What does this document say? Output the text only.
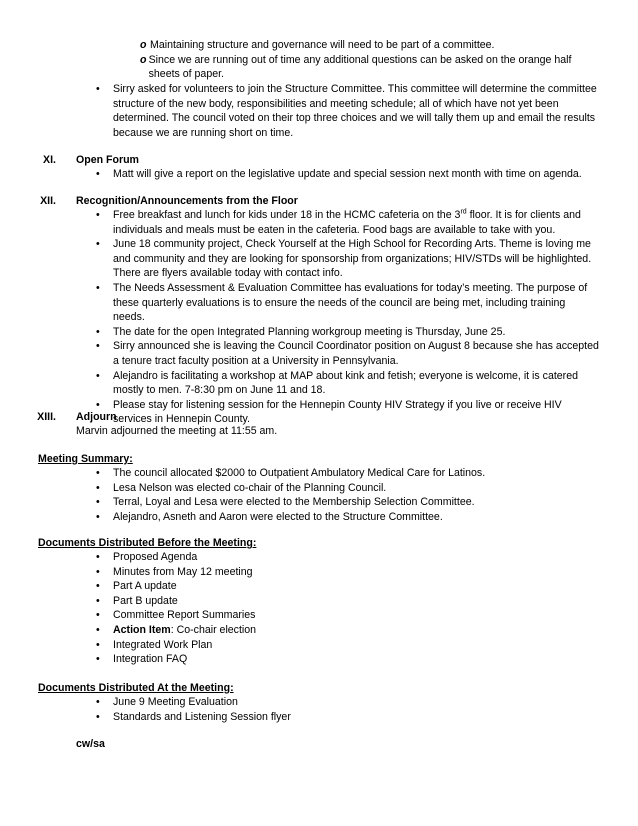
o Maintaining structure and governance will need to be part of a committee.
o Since we are running out of time any additional questions can be asked on the orange half sheets of paper.
•	Sirry asked for volunteers to join the Structure Committee. This committee will determine the committee structure of the new body, responsibilities and meeting schedule; all of which have not yet been determined. The council voted on their top three choices and we will tally them up and email the results because we are running short on time.
XI. Open Forum
•	Matt will give a report on the legislative update and special session next month with time on agenda.
XII. Recognition/Announcements from the Floor
•	Free breakfast and lunch for kids under 18 in the HCMC cafeteria on the 3rd floor. It is for clients and individuals and meals must be eaten in the cafeteria. Food bags are available to take with you.
•	June 18 community project, Check Yourself at the High School for Recording Arts. Theme is loving me and community and they are looking for sponsorship from organizations; HIV/STDs will be highlighted. There are flyers available today with contact info.
•	The Needs Assessment & Evaluation Committee has evaluations for today’s meeting. The purpose of these quarterly evaluations is to ensure the needs of the council are being met, including training needs.
•	The date for the open Integrated Planning workgroup meeting is Thursday, June 25.
•	Sirry announced she is leaving the Council Coordinator position on August 8 because she has accepted a tenure tract faculty position at a University in Pennsylvania.
•	Alejandro is facilitating a workshop at MAP about kink and fetish; everyone is welcome, it is catered mostly to men. 7-8:30 pm on June 11 and 18.
•	Please stay for listening session for the Hennepin County HIV Strategy if you live or receive HIV services in Hennepin County.
XIII. Adjourn
Marvin adjourned the meeting at 11:55 am.
Meeting Summary:
•	The council allocated $2000 to Outpatient Ambulatory Medical Care for Latinos.
•	Lesa Nelson was elected co-chair of the Planning Council.
•	Terral, Loyal and Lesa were elected to the Membership Selection Committee.
•	Alejandro, Asneth and Aaron were elected to the Structure Committee.
Documents Distributed Before the Meeting:
•	Proposed Agenda
•	Minutes from May 12 meeting
•	Part A update
•	Part B update
•	Committee Report Summaries
•	Action Item: Co-chair election
•	Integrated Work Plan
•	Integration FAQ
Documents Distributed At the Meeting:
•	June 9 Meeting Evaluation
•	Standards and Listening Session flyer
cw/sa
